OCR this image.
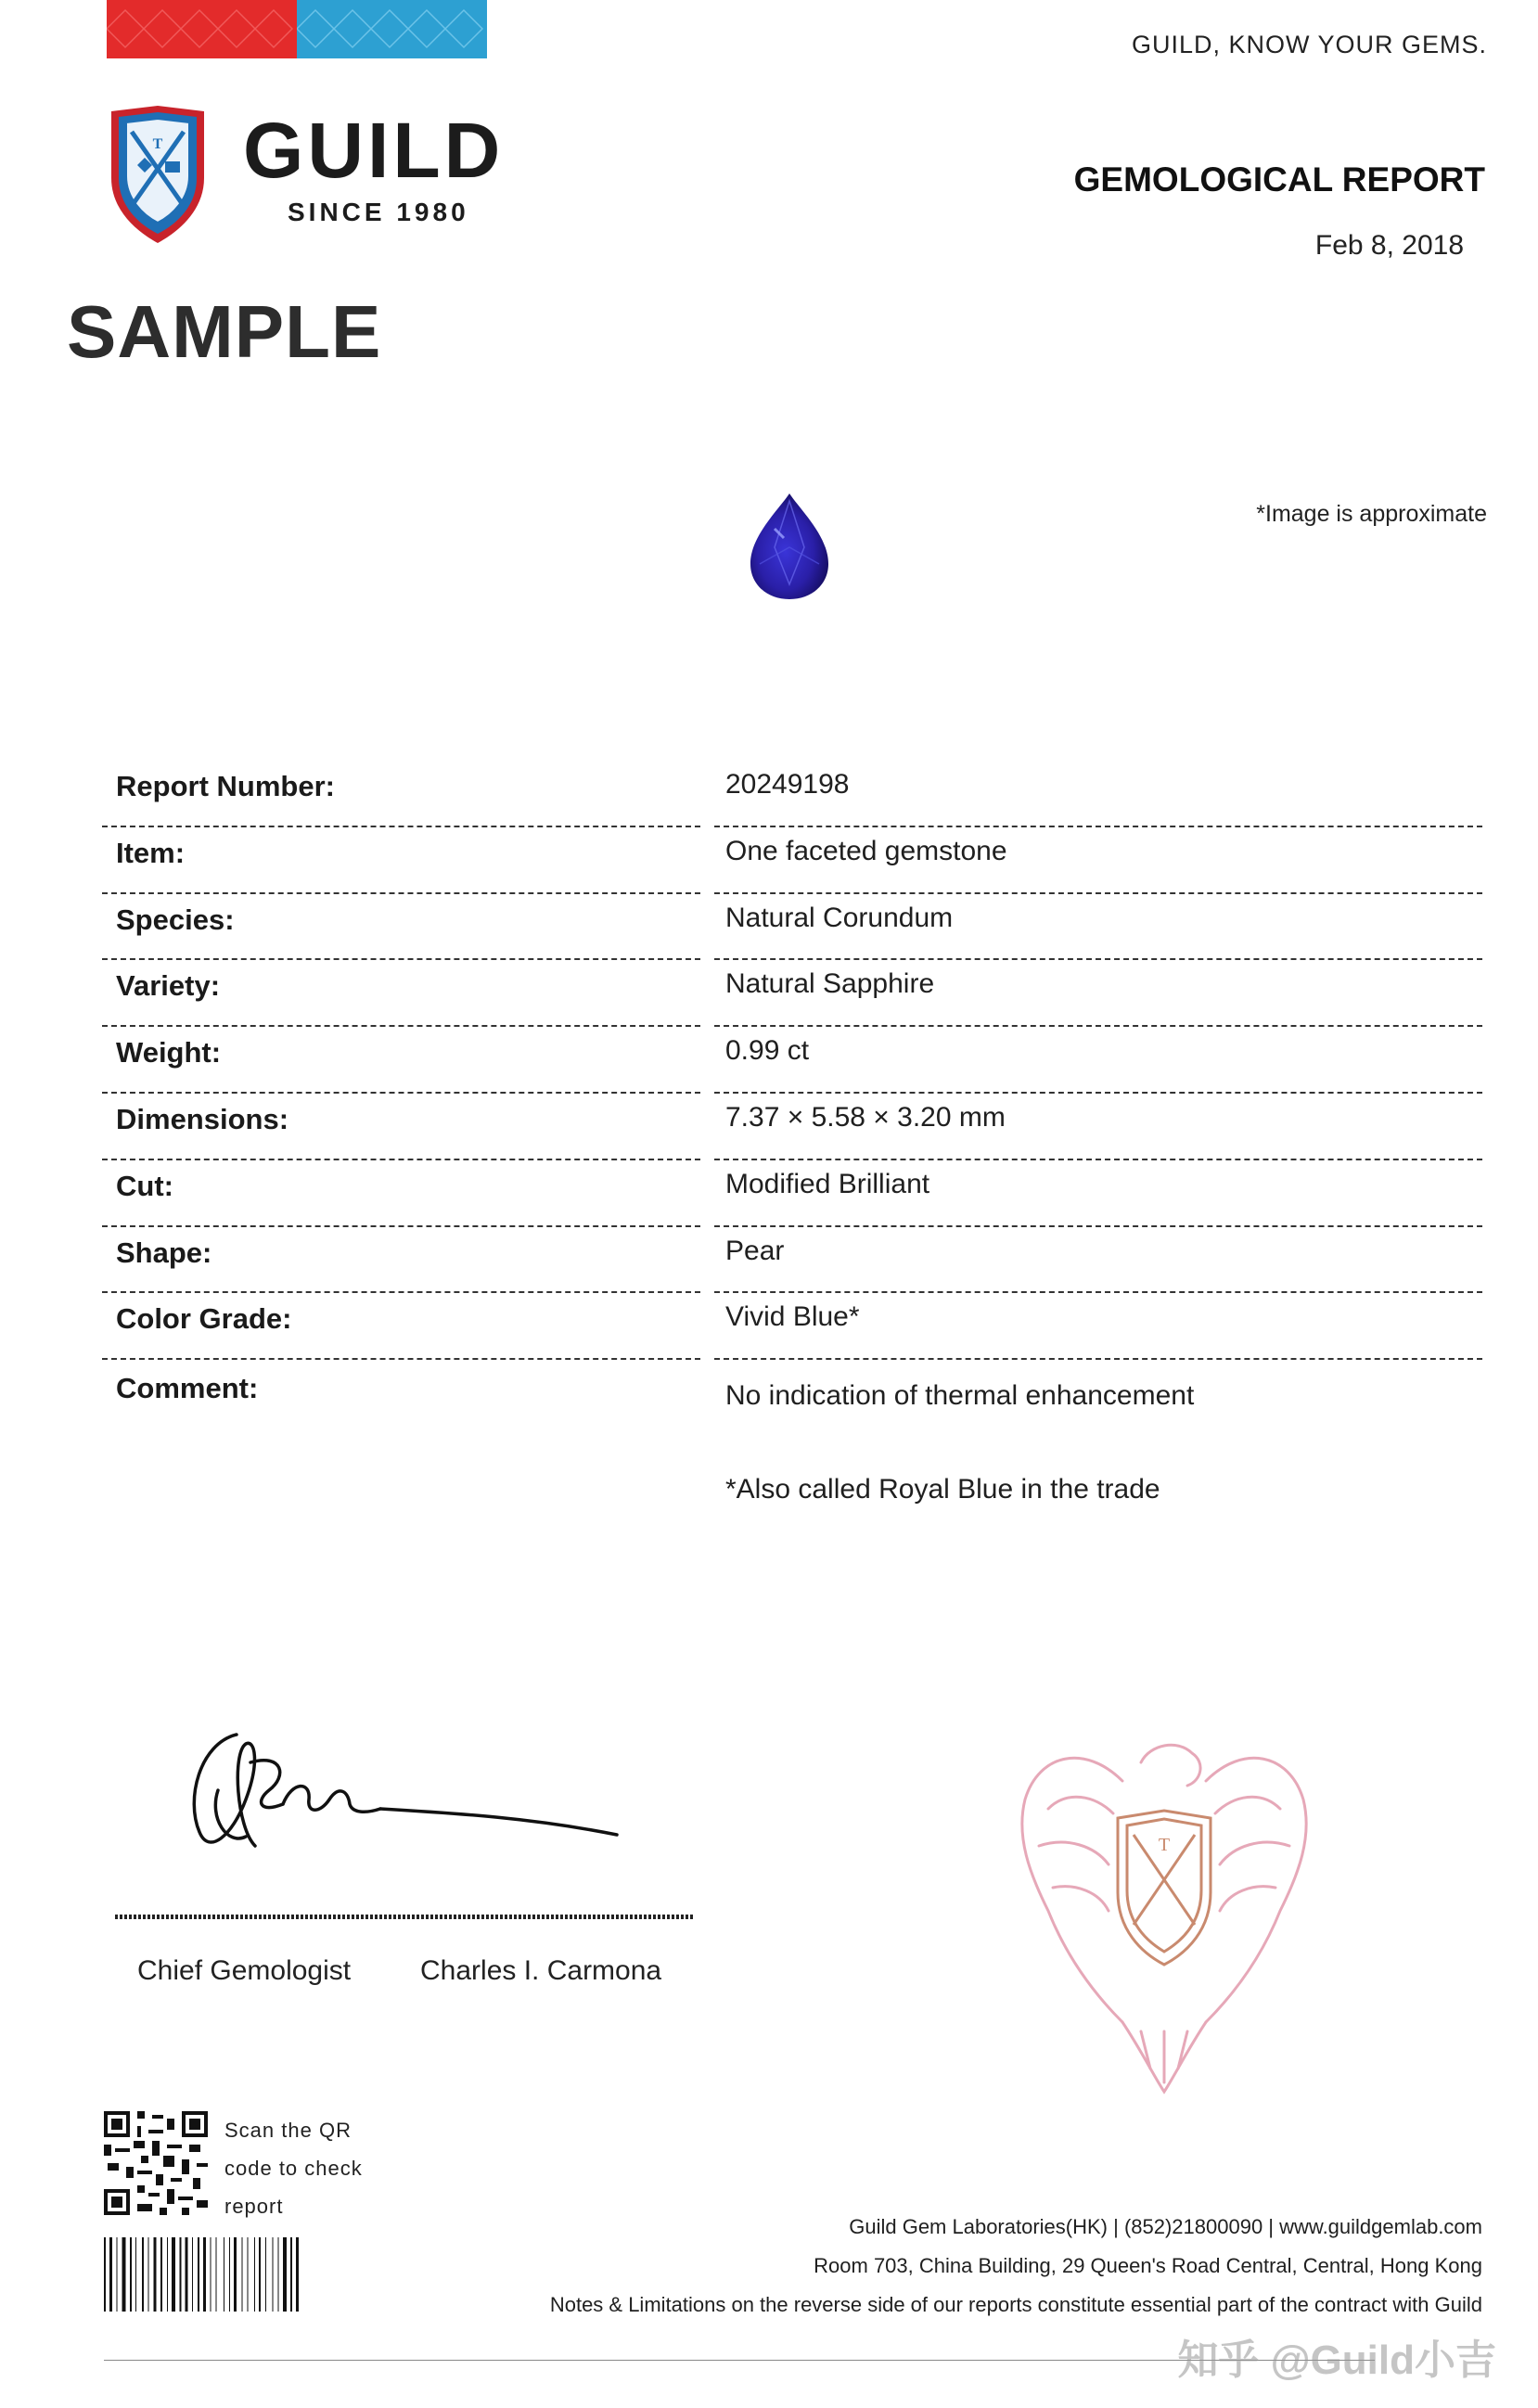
GUILD, KNOW YOUR GEMS.
T GUILD
SINCE 1980
GEMOLOGICAL REPORT
Feb 8, 2018
SAMPLE
*Image is approximate
Report Number:	20249198
Item:	One faceted gemstone
Species:	Natural Corundum
Variety:	Natural Sapphire
Weight:	0.99 ct
Dimensions:	7.37 × 5.58 × 3.20 mm
Cut:	Modified Brilliant
Shape:	Pear
Color Grade:	Vivid Blue*
Comment:	No indication of thermal enhancement
*Also called Royal Blue in the trade
Chief Gemologist Charles I. Carmona
T
Scan the QR
code to check
report
Guild Gem Laboratories(HK) | (852)21800090 | www.guildgemlab.com
Room 703, China Building, 29 Queen's Road Central, Central, Hong Kong
Notes & Limitations on the reverse side of our reports constitute essential part of the contract with Guild
知乎 @Guild小吉
